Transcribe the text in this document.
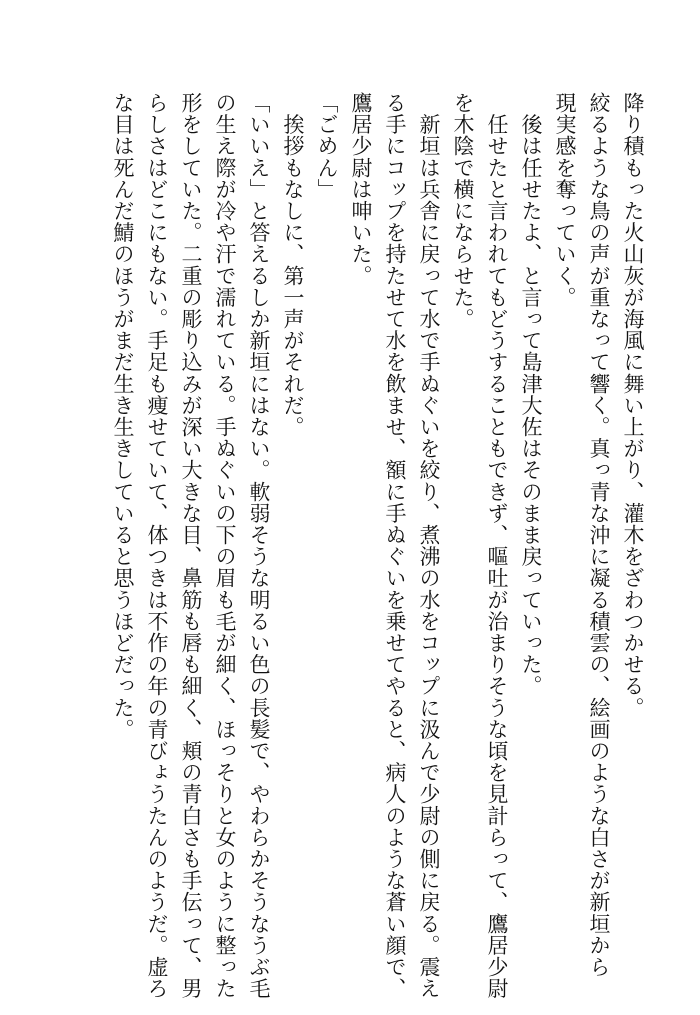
降り積もった火山灰が海風に舞い上がり、灌木をざわつかせる。
絞るような鳥の声が重なって響く。真っ青な沖に凝る積雲の、絵画のような白さが新垣から
現実感を奪っていく。
　後は任せたよ、と言って島津大佐はそのまま戻っていった。
　任せたと言われてもどうすることもできず、嘔吐が治まりそうな頃を見計らって、鷹居少尉
を木陰で横にならせた。
　新垣は兵舎に戻って水で手ぬぐいを絞り、煮沸の水をコップに汲んで少尉の側に戻る。震え
る手にコップを持たせて水を飲ませ、額に手ぬぐいを乗せてやると、病人のような蒼い顔で、
鷹居少尉は呻いた。
「ごめん」
　挨拶もなしに、第一声がそれだ。
「いいえ」と答えるしか新垣にはない。軟弱そうな明るい色の長髪で、やわらかそうなうぶ毛
の生え際が冷や汗で濡れている。手ぬぐいの下の眉も毛が細く、ほっそりと女のように整った
形をしていた。二重の彫り込みが深い大きな目、鼻筋も唇も細く、頬の青白さも手伝って、男
らしさはどこにもない。手足も痩せていて、体つきは不作の年の青びょうたんのようだ。虚ろ
な目は死んだ鯖のほうがまだ生き生きしていると思うほどだった。
